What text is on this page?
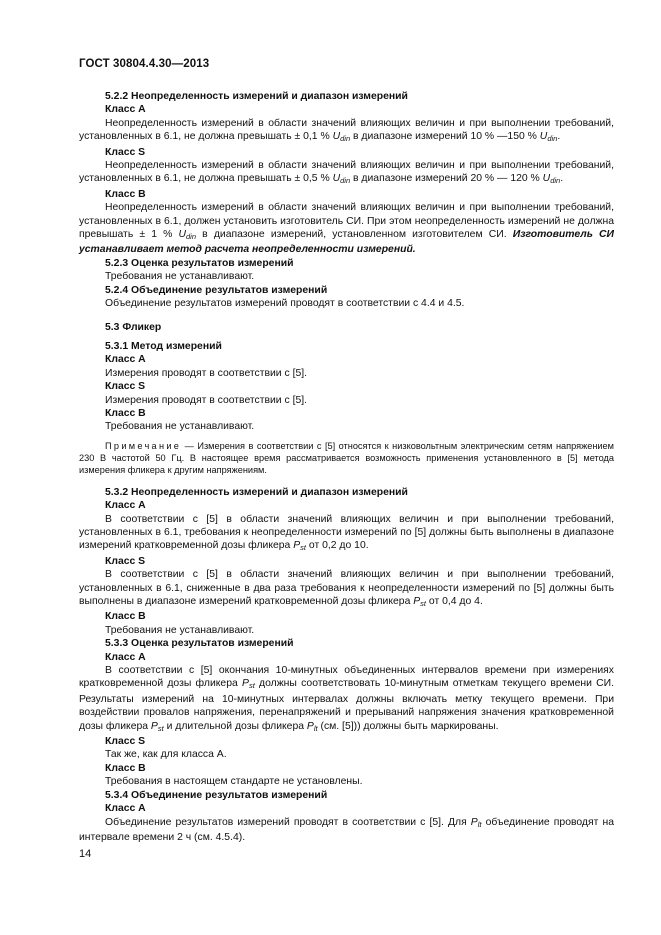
ГОСТ 30804.4.30—2013
5.2.2 Неопределенность измерений и диапазон измерений
Класс А
Неопределенность измерений в области значений влияющих величин и при выполнении требований, установленных в 6.1, не должна превышать ± 0,1 % $U_{din}$ в диапазоне измерений 10 % —150 % $U_{din}$.
Класс S
Неопределенность измерений в области значений влияющих величин и при выполнении требований, установленных в 6.1, не должна превышать ± 0,5 % $U_{din}$ в диапазоне измерений 20 % — 120 % $U_{din}$.
Класс В
Неопределенность измерений в области значений влияющих величин и при выполнении требований, установленных в 6.1, должен установить изготовитель СИ. При этом неопределенность измерений не должна превышать ± 1 % $U_{din}$ в диапазоне измерений, установленном изготовителем СИ. Изготовитель СИ устанавливает метод расчета неопределенности измерений.
5.2.3 Оценка результатов измерений
Требования не устанавливают.
5.2.4 Объединение результатов измерений
Объединение результатов измерений проводят в соответствии с 4.4 и 4.5.
5.3 Фликер
5.3.1 Метод измерений
Класс А
Измерения проводят в соответствии с [5].
Класс S
Измерения проводят в соответствии с [5].
Класс В
Требования не устанавливают.
Примечание — Измерения в соответствии с [5] относятся к низковольтным электрическим сетям напряжением 230 В частотой 50 Гц. В настоящее время рассматривается возможность применения установленного в [5] метода измерения фликера к другим напряжениям.
5.3.2 Неопределенность измерений и диапазон измерений
Класс А
В соответствии с [5] в области значений влияющих величин и при выполнении требований, установленных в 6.1, требования к неопределенности измерений по [5] должны быть выполнены в диапазоне измерений кратковременной дозы фликера $P_{st}$ от 0,2 до 10.
Класс S
В соответствии с [5] в области значений влияющих величин и при выполнении требований, установленных в 6.1, сниженные в два раза требования к неопределенности измерений по [5] должны быть выполнены в диапазоне измерений кратковременной дозы фликера $P_{st}$ от 0,4 до 4.
Класс В
Требования не устанавливают.
5.3.3 Оценка результатов измерений
Класс А
В соответствии с [5] окончания 10-минутных объединенных интервалов времени при измерениях кратковременной дозы фликера $P_{st}$ должны соответствовать 10-минутным отметкам текущего времени СИ. Результаты измерений на 10-минутных интервалах должны включать метку текущего времени. При воздействии провалов напряжения, перенапряжений и прерываний напряжения значения кратковременной дозы фликера $P_{st}$ и длительной дозы фликера $P_{lt}$ (см. [5])) должны быть маркированы.
Класс S
Так же, как для класса А.
Класс В
Требования в настоящем стандарте не установлены.
5.3.4 Объединение результатов измерений
Класс А
Объединение результатов измерений проводят в соответствии с [5]. Для $P_{lt}$ объединение проводят на интервале времени 2 ч (см. 4.5.4).
14
